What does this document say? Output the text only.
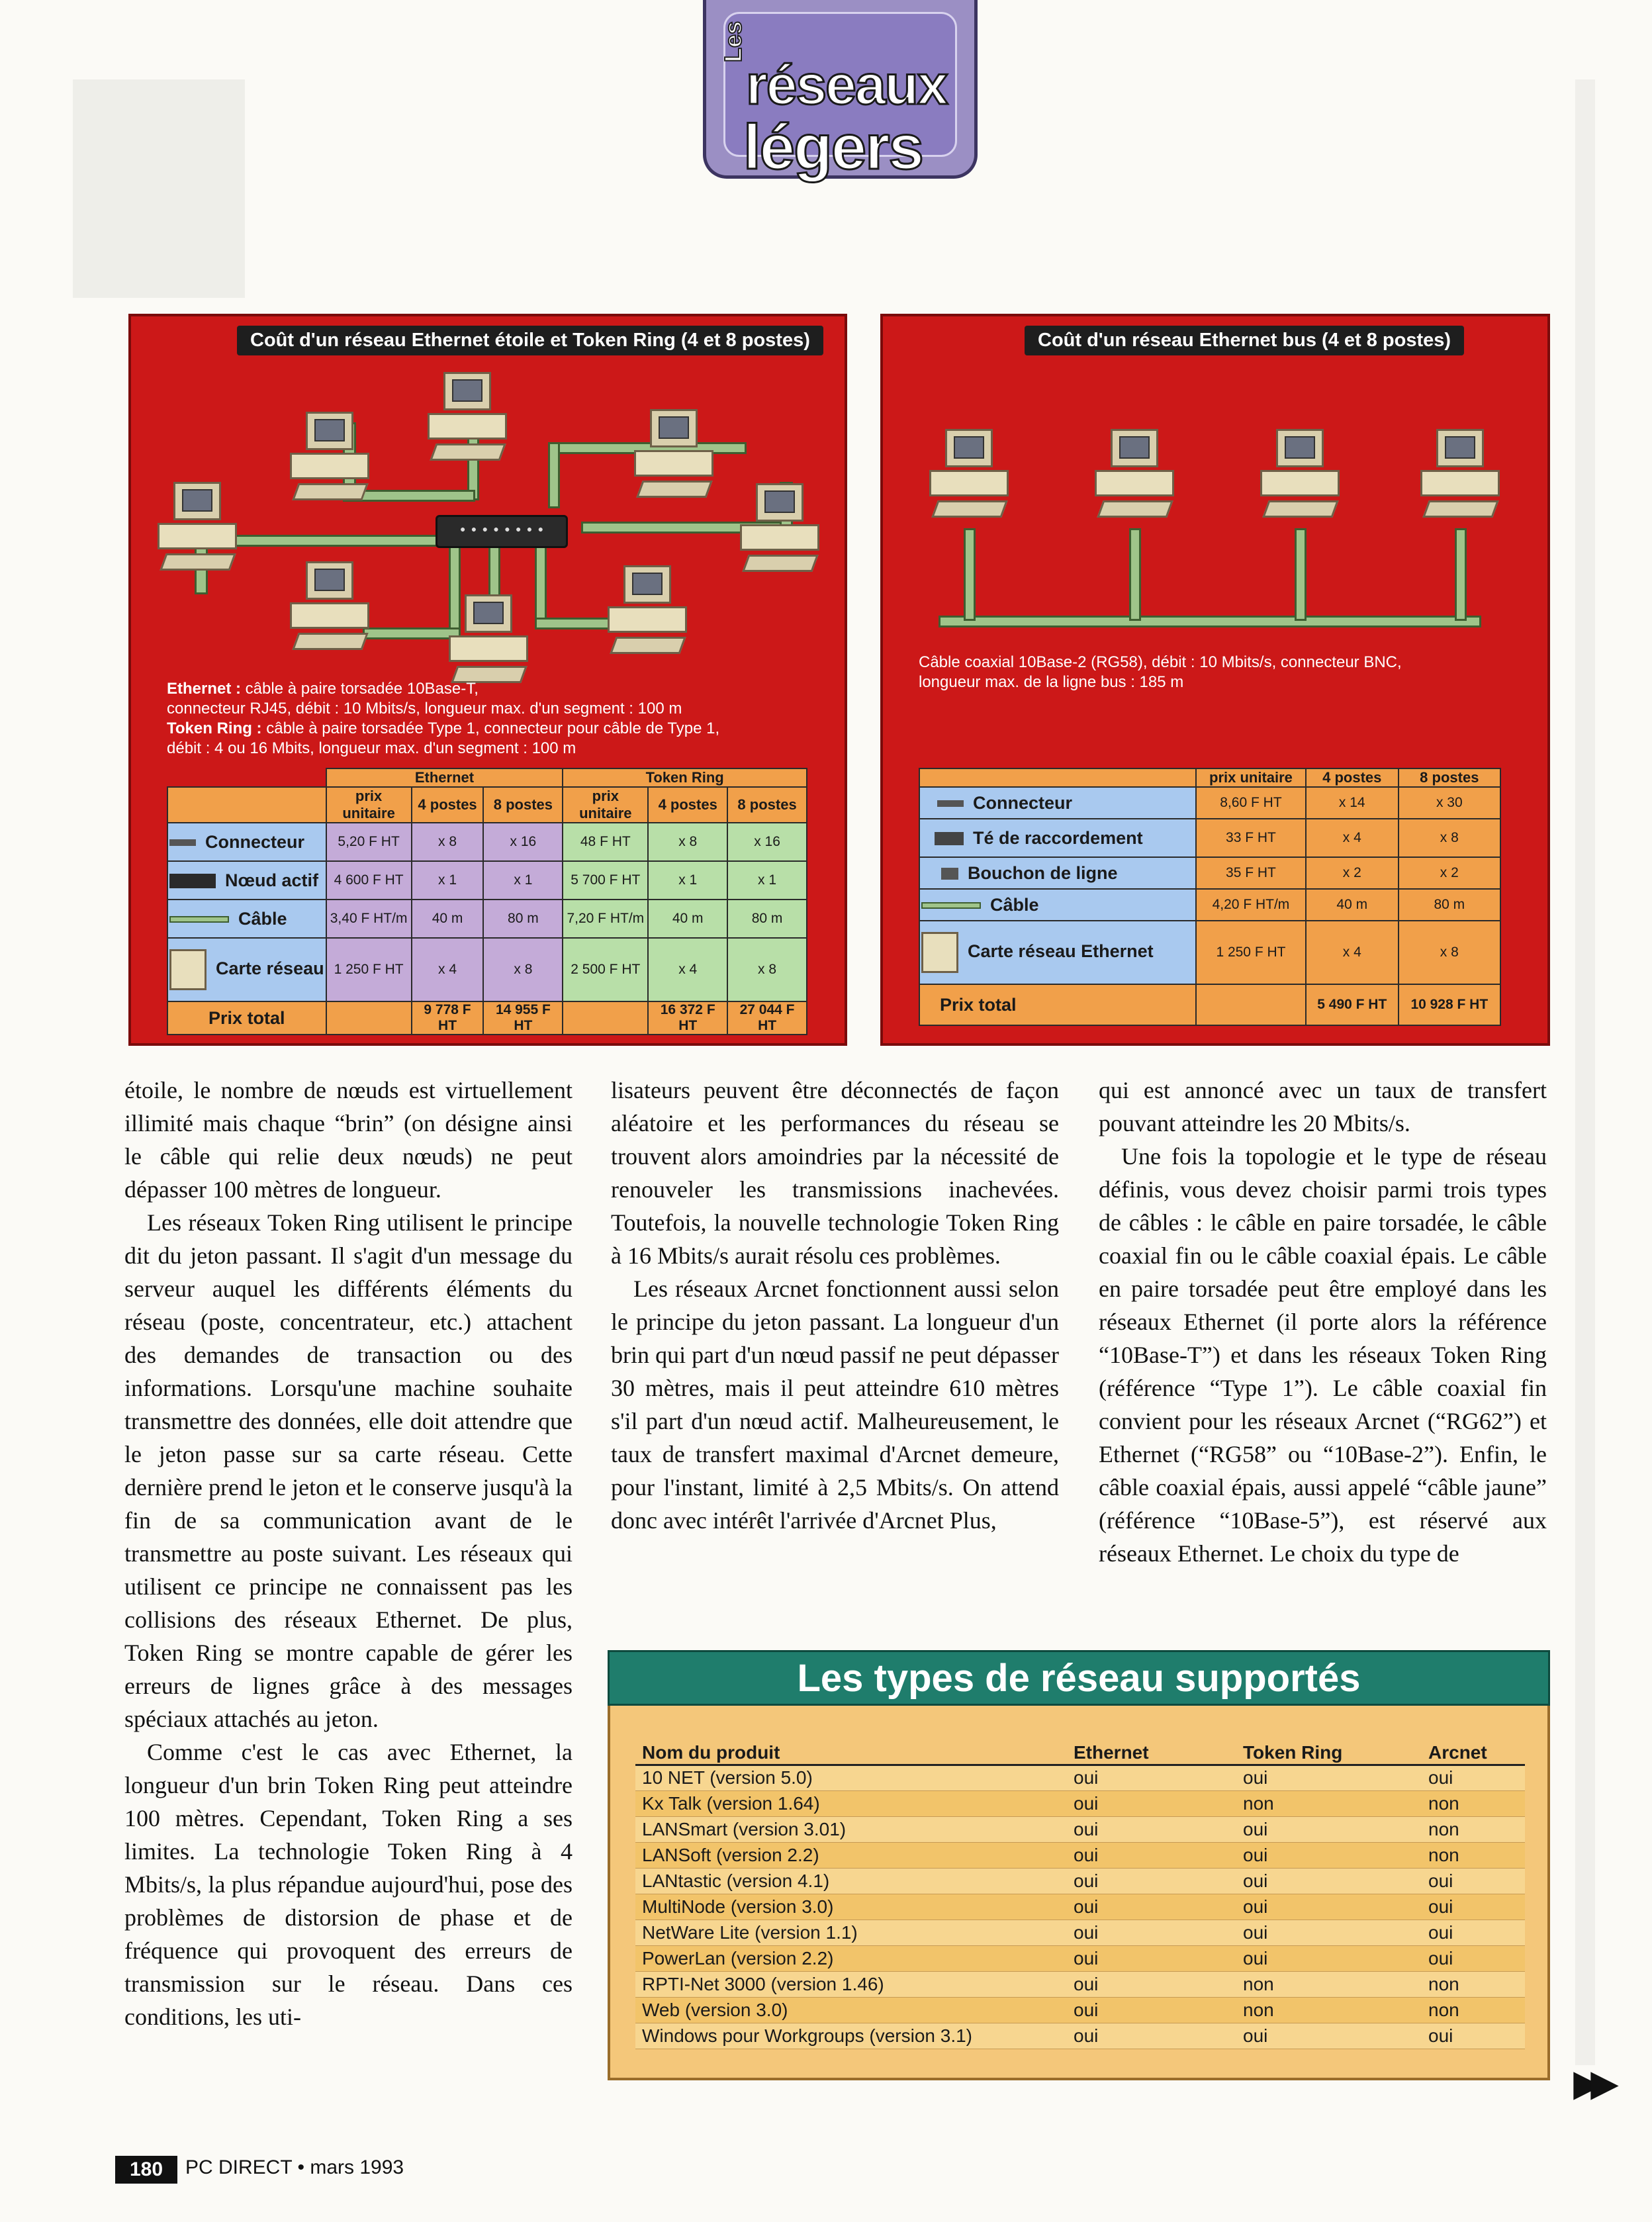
Les
réseaux
légers
Coût d'un réseau Ethernet étoile et Token Ring (4 et 8 postes)
● ● ● ● ● ● ● ●
Ethernet : câble à paire torsadée 10Base-T,
connecteur RJ45, débit : 10 Mbits/s, longueur max. d'un segment : 100 m
Token Ring : câble à paire torsadée Type 1, connecteur pour câble de Type 1,
débit : 4 ou 16 Mbits, longueur max. d'un segment : 100 m
	Ethernet			Token Ring		
	prix unitaire	4 postes	8 postes	prix unitaire	4 postes	8 postes
Connecteur	5,20 F HT	x 8	x 16	48 F HT	x 8	x 16
Nœud actif	4 600 F HT	x 1	x 1	5 700 F HT	x 1	x 1
Câble	3,40 F HT/m	40 m	80 m	7,20 F HT/m	40 m	80 m
Carte réseau	1 250 F HT	x 4	x 8	2 500 F HT	x 4	x 8
Prix total		9 778 F HT	14 955 F HT		16 372 F HT	27 044 F HT
Coût d'un réseau Ethernet bus (4 et 8 postes)
Câble coaxial 10Base-2 (RG58), débit : 10 Mbits/s, connecteur BNC,
longueur max. de la ligne bus : 185 m
	prix unitaire	4 postes	8 postes
Connecteur	8,60 F HT	x 14	x 30
Té de raccordement	33 F HT	x 4	x 8
Bouchon de ligne	35 F HT	x 2	x 2
Câble	4,20 F HT/m	40 m	80 m
Carte réseau Ethernet	1 250 F HT	x 4	x 8
Prix total		5 490 F HT	10 928 F HT

étoile, le nombre de nœuds est virtuellement illimité mais chaque “brin” (on désigne ainsi le câble qui relie deux nœuds) ne peut dépasser 100 mètres de longueur.

Les réseaux Token Ring utilisent le principe dit du jeton passant. Il s'agit d'un message du serveur auquel les différents éléments du réseau (poste, concentrateur, etc.) attachent des demandes de transaction ou des informations. Lorsqu'une machine souhaite transmettre des données, elle doit attendre que le jeton passe sur sa carte réseau. Cette dernière prend le jeton et le conserve jusqu'à la fin de sa communication avant de le transmettre au poste suivant. Les réseaux qui utilisent ce principe ne connaissent pas les collisions des réseaux Ethernet. De plus, Token Ring se montre capable de gérer les erreurs de lignes grâce à des messages spéciaux attachés au jeton.

Comme c'est le cas avec Ethernet, la longueur d'un brin Token Ring peut atteindre 100 mètres. Cependant, Token Ring a ses limites. La technologie Token Ring à 4 Mbits/s, la plus répandue aujourd'hui, pose des problèmes de distorsion de phase et de fréquence qui provoquent des erreurs de transmission sur le réseau. Dans ces conditions, les uti-

lisateurs peuvent être déconnectés de façon aléatoire et les performances du réseau se trouvent alors amoindries par la nécessité de renouveler les transmissions inachevées. Toutefois, la nouvelle technologie Token Ring à 16 Mbits/s aurait résolu ces problèmes.

Les réseaux Arcnet fonctionnent aussi selon le principe du jeton passant. La longueur d'un brin qui part d'un nœud passif ne peut dépasser 30 mètres, mais il peut atteindre 610 mètres s'il part d'un nœud actif. Malheureusement, le taux de transfert maximal d'Arcnet demeure, pour l'instant, limité à 2,5 Mbits/s. On attend donc avec intérêt l'arrivée d'Arcnet Plus,

qui est annoncé avec un taux de transfert pouvant atteindre les 20 Mbits/s.

Une fois la topologie et le type de réseau définis, vous devez choisir parmi trois types de câbles : le câble en paire torsadée, le câble coaxial fin ou le câble coaxial épais. Le câble en paire torsadée peut être employé dans les réseaux Ethernet (il porte alors la référence “10Base-T”) et dans les réseaux Token Ring (référence “Type 1”). Le câble coaxial fin convient pour les réseaux Arcnet (“RG62”) et Ethernet (“RG58” ou “10Base-2”). Enfin, le câble coaxial épais, aussi appelé “câble jaune” (référence “10Base-5”), est réservé aux réseaux Ethernet. Le choix du type de

Les types de réseau supportés
Nom du produit	Ethernet	Token Ring	Arcnet
10 NET (version 5.0)	oui	oui	oui
Kx Talk (version 1.64)	oui	non	non
LANSmart (version 3.01)	oui	oui	non
LANSoft (version 2.2)	oui	oui	non
LANtastic (version 4.1)	oui	oui	oui
MultiNode (version 3.0)	oui	oui	oui
NetWare Lite (version 1.1)	oui	oui	oui
PowerLan (version 2.2)	oui	oui	oui
RPTI-Net 3000 (version 1.46)	oui	non	non
Web (version 3.0)	oui	non	non
Windows pour Workgroups (version 3.1)	oui	oui	oui
180	PC DIRECT • mars 1993
▶▶
